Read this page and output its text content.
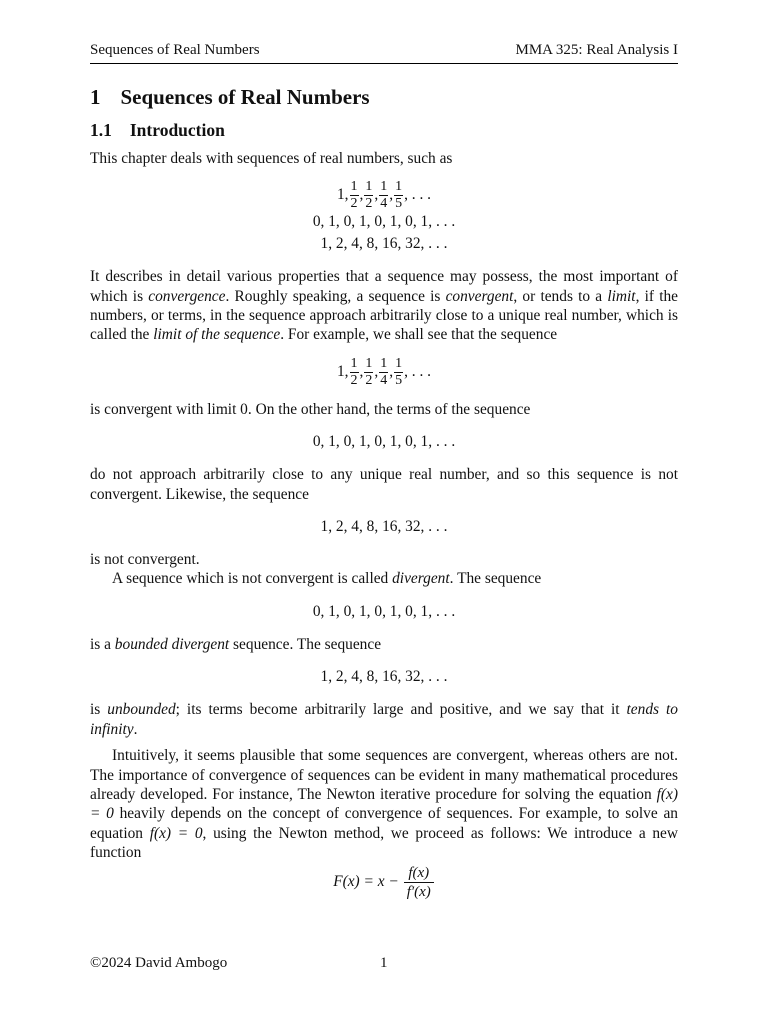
Sequences of Real Numbers	MMA 325: Real Analysis I
1 Sequences of Real Numbers
1.1 Introduction

This chapter deals with sequences of real numbers, such as

1, $\frac{1}{2}$ , $\frac{1}{2}$ , $\frac{1}{4}$ , $\frac{1}{5}$ , . . .
0, 1, 0, 1, 0, 1, 0, 1, . . .
1, 2, 4, 8, 16, 32, . . .

It describes in detail various properties that a sequence may possess, the most important of which is convergence. Roughly speaking, a sequence is convergent, or tends to a limit, if the numbers, or terms, in the sequence approach arbitrarily close to a unique real number, which is called the limit of the sequence. For example, we shall see that the sequence

1, $\frac{1}{2}$ , $\frac{1}{2}$ , $\frac{1}{4}$ , $\frac{1}{5}$ , . . .

is convergent with limit 0. On the other hand, the terms of the sequence

0, 1, 0, 1, 0, 1, 0, 1, . . .

do not approach arbitrarily close to any unique real number, and so this sequence is not convergent. Likewise, the sequence

1, 2, 4, 8, 16, 32, . . .

is not convergent.

A sequence which is not convergent is called divergent. The sequence

0, 1, 0, 1, 0, 1, 0, 1, . . .

is a bounded divergent sequence. The sequence

1, 2, 4, 8, 16, 32, . . .

is unbounded; its terms become arbitrarily large and positive, and we say that it tends to infinity.

Intuitively, it seems plausible that some sequences are convergent, whereas others are not. The importance of convergence of sequences can be evident in many mathematical procedures already developed. For instance, The Newton iterative procedure for solving the equation f(x) = 0 heavily depends on the concept of convergence of sequences. For example, to solve an equation f(x) = 0, using the Newton method, we proceed as follows: We introduce a new function

$F(x) = x - \frac{f(x)}{f'(x)}$
©2024 David Ambogo	1
